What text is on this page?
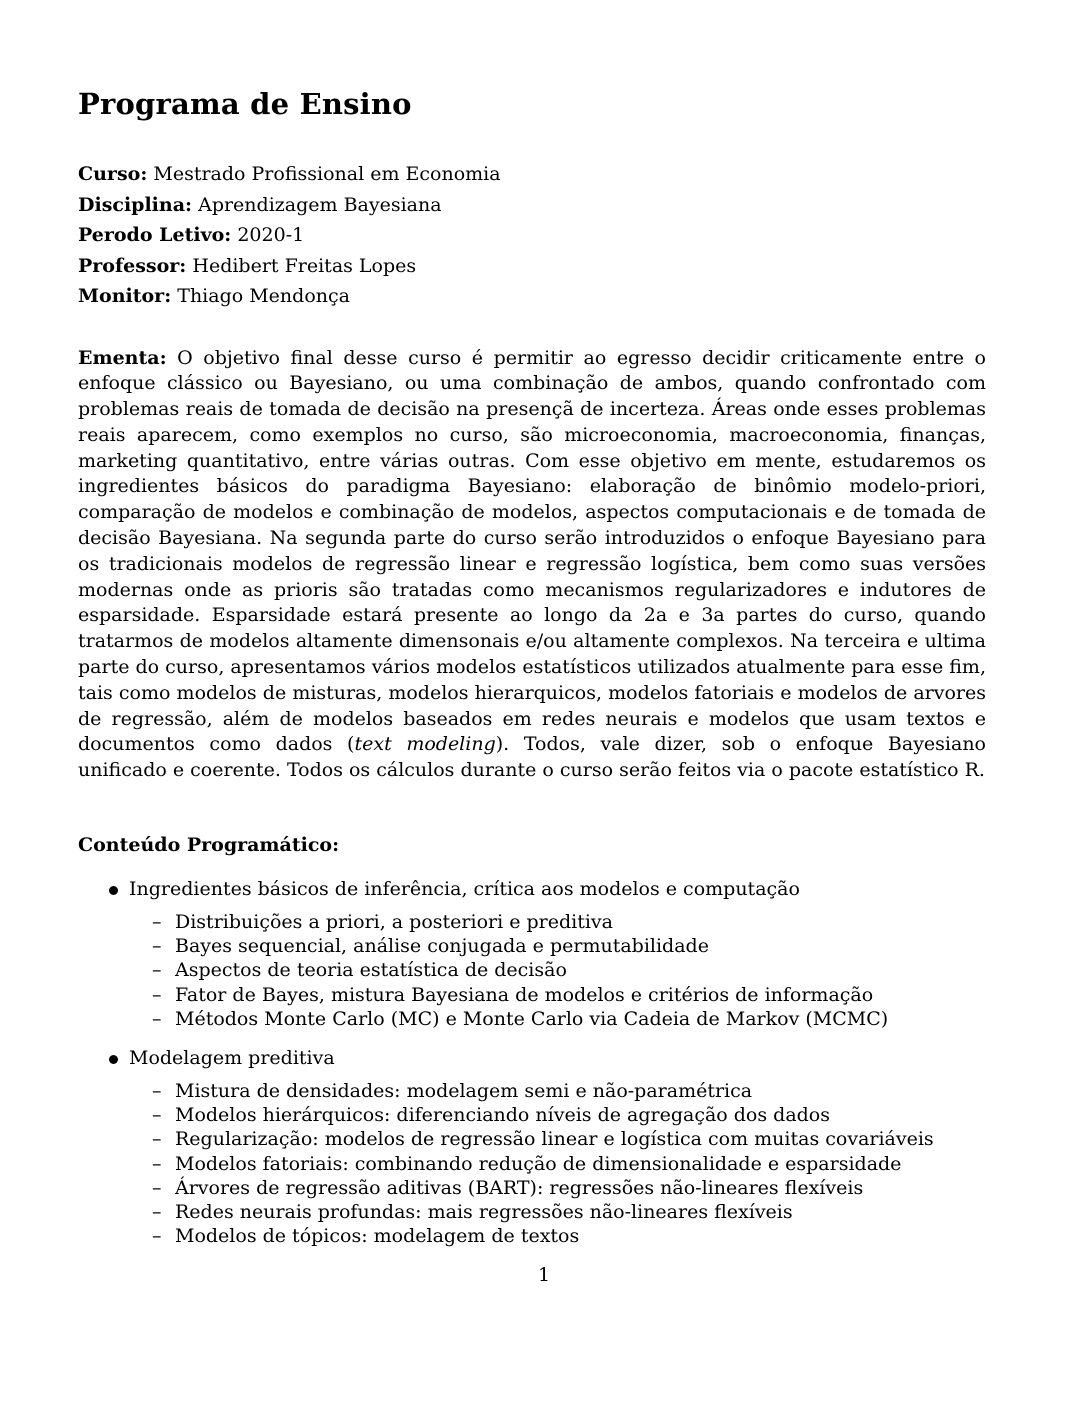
Programa de Ensino
Curso: Mestrado Profissional em Economia
Disciplina: Aprendizagem Bayesiana
Perodo Letivo: 2020-1
Professor: Hedibert Freitas Lopes
Monitor: Thiago Mendonça

Ementa: O objetivo final desse curso é permitir ao egresso decidir criticamente entre o enfoque clássico ou Bayesiano, ou uma combinação de ambos, quando confrontado com problemas reais de tomada de decisão na presençã de incerteza. Áreas onde esses problemas reais aparecem, como exemplos no curso, são microeconomia, macroeconomia, finanças, marketing quantitativo, entre várias outras. Com esse objetivo em mente, estudaremos os ingredientes básicos do paradigma Bayesiano: elaboração de binômio modelo-priori, comparação de modelos e combinação de modelos, aspectos computacionais e de tomada de decisão Bayesiana. Na segunda parte do curso serão introduzidos o enfoque Bayesiano para os tradicionais modelos de regressão linear e regressão logística, bem como suas versões modernas onde as prioris são tratadas como mecanismos regularizadores e indutores de esparsidade. Esparsidade estará presente ao longo da 2a e 3a partes do curso, quando tratarmos de modelos altamente dimensonais e/ou altamente complexos. Na terceira e ultima parte do curso, apresentamos vários modelos estatísticos utilizados atualmente para esse fim, tais como modelos de misturas, modelos hierarquicos, modelos fatoriais e modelos de arvores de regressão, além de modelos baseados em redes neurais e modelos que usam textos e documentos como dados (text modeling). Todos, vale dizer, sob o enfoque Bayesiano unificado e coerente. Todos os cálculos durante o curso serão feitos via o pacote estatístico R.

Conteúdo Programático:
Ingredientes básicos de inferência, crítica aos modelos e computação
– Distribuições a priori, a posteriori e preditiva
– Bayes sequencial, análise conjugada e permutabilidade
– Aspectos de teoria estatística de decisão
– Fator de Bayes, mistura Bayesiana de modelos e critérios de informação
– Métodos Monte Carlo (MC) e Monte Carlo via Cadeia de Markov (MCMC)
Modelagem preditiva
– Mistura de densidades: modelagem semi e não-paramétrica
– Modelos hierárquicos: diferenciando níveis de agregação dos dados
– Regularização: modelos de regressão linear e logística com muitas covariáveis
– Modelos fatoriais: combinando redução de dimensionalidade e esparsidade
– Árvores de regressão aditivas (BART): regressões não-lineares flexíveis
– Redes neurais profundas: mais regressões não-lineares flexíveis
– Modelos de tópicos: modelagem de textos
1
